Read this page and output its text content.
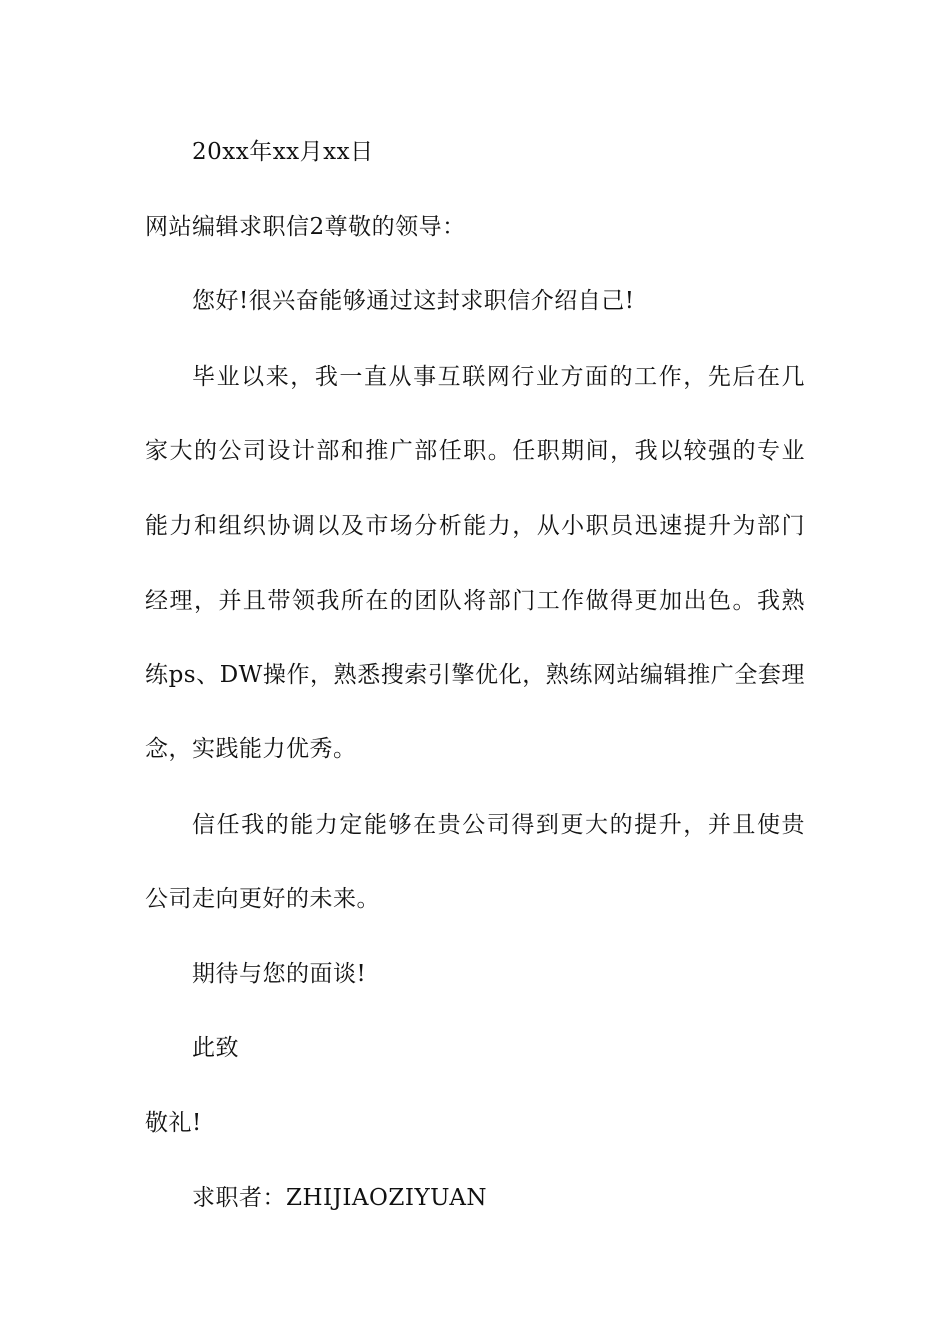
20xx年xx月xx日
网站编辑求职信2尊敬的领导：
您好!很兴奋能够通过这封求职信介绍自己!
毕业以来，我一直从事互联网行业方面的工作，先后在几
家大的公司设计部和推广部任职。任职期间，我以较强的专业
能力和组织协调以及市场分析能力，从小职员迅速提升为部门
经理，并且带领我所在的团队将部门工作做得更加出色。我熟
练ps、DW操作，熟悉搜索引擎优化，熟练网站编辑推广全套理
念，实践能力优秀。
信任我的能力定能够在贵公司得到更大的提升，并且使贵
公司走向更好的未来。
期待与您的面谈!
此致
敬礼!
求职者：ZHIJIAOZIYUAN
